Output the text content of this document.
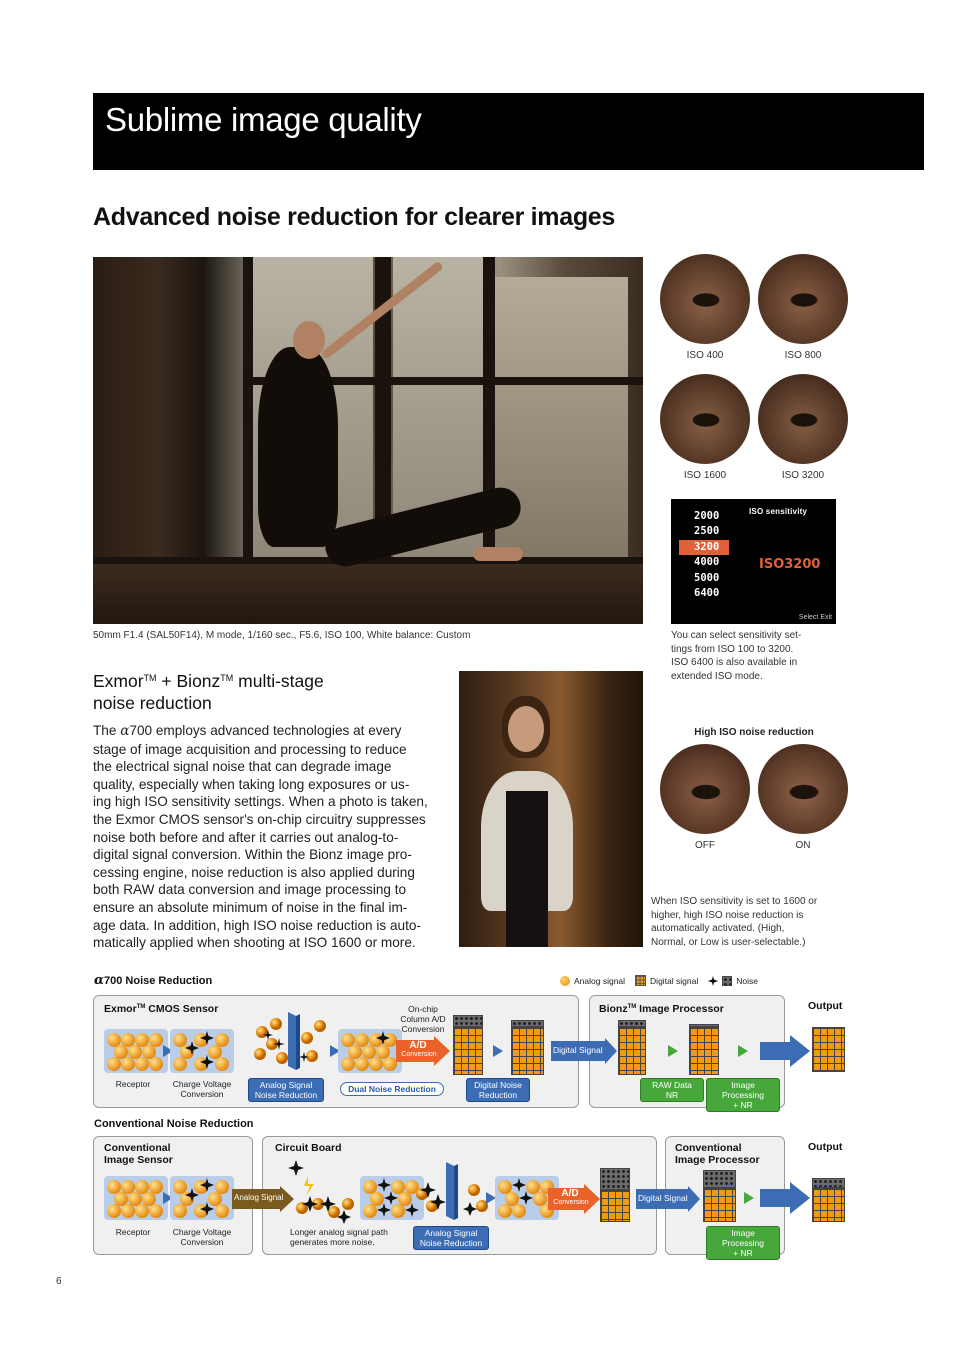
Sublime image quality
Advanced noise reduction for clearer images
50mm F1.4 (SAL50F14), M mode, 1/160 sec., F5.6, ISO 100, White balance: Custom
ISO 400	ISO 800
ISO 1600	ISO 3200
2000
2500
3200
4000
5000
6400
ISO sensitivity
ISO3200
Select Exit
You can select sensitivity set-
tings from ISO 100 to 3200.
ISO 6400 is also available in
extended ISO mode.
Exmor™ + Bionz™ multi-stage
noise reduction
The α700 employs advanced technologies at every
stage of image acquisition and processing to reduce
the electrical signal noise that can degrade image
quality, especially when taking long exposures or us-
ing high ISO sensitivity settings. When a photo is taken,
the Exmor CMOS sensor's on-chip circuitry suppresses
noise both before and after it carries out analog-to-
digital signal conversion. Within the Bionz image pro-
cessing engine, noise reduction is also applied during
both RAW data conversion and image processing to
ensure an absolute minimum of noise in the final im-
age data. In addition, high ISO noise reduction is auto-
matically applied when shooting at ISO 1600 or more.
High ISO noise reduction
OFF	ON
When ISO sensitivity is set to 1600 or
higher, high ISO noise reduction is
automatically activated. (High,
Normal, or Low is user-selectable.)
α700 Noise Reduction	Analog signal	Digital signal	Noise
Exmor™ CMOS Sensor	On-chip
Column A/D
Conversion
Bionz™ Image Processor	Output
A/D
Conversion	Digital Signal
Receptor	Charge Voltage
Conversion
Analog Signal
Noise Reduction
Dual Noise Reduction	Digital Noise
Reduction
RAW Data
NR
Image Processing
+ NR
Conventional Noise Reduction
Conventional
Image Sensor
Circuit Board	Conventional
Image Processor
Output
Analog Signal	A/D
Conversion	Digital Signal
Receptor	Charge Voltage
Conversion
Longer analog signal path
generates more noise.
Analog Signal
Noise Reduction
Image Processing
+ NR
6
